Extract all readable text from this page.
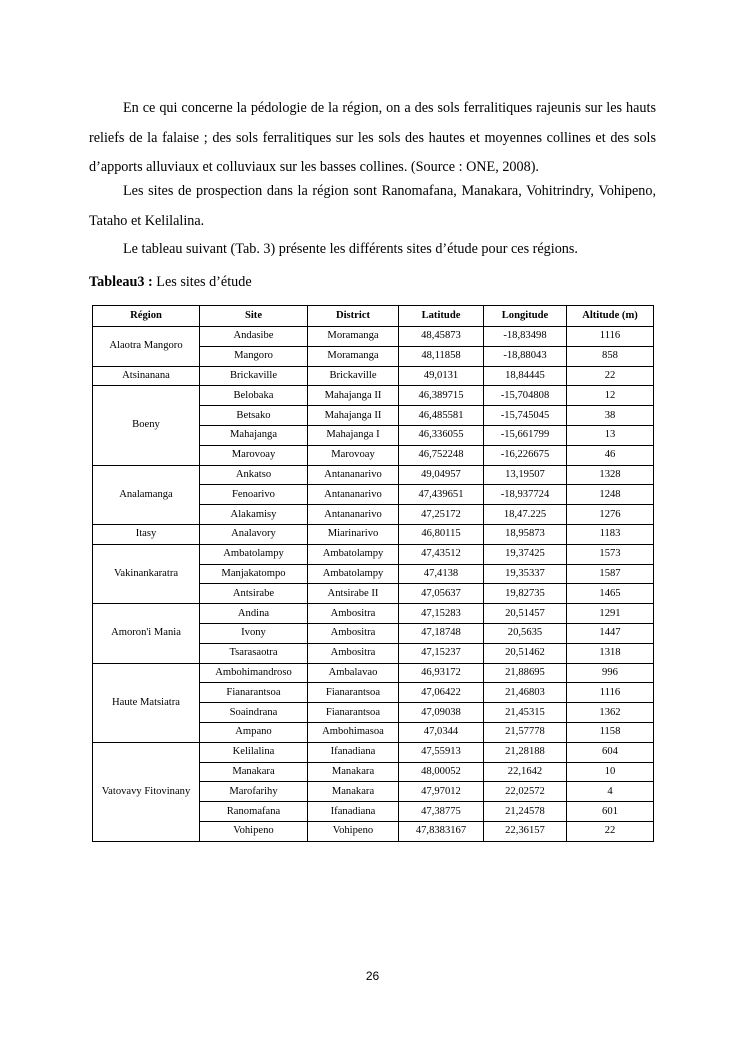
En ce qui concerne la pédologie de la région, on a des sols ferralitiques rajeunis sur les hauts reliefs de la falaise ; des sols ferralitiques sur les sols des hautes et moyennes collines et des sols d’apports alluviaux et colluviaux sur les basses collines. (Source : ONE, 2008).

Les sites de prospection dans la région sont Ranomafana, Manakara, Vohitrindry, Vohipeno, Tataho et Kelilalina.

Le tableau suivant (Tab. 3) présente les différents sites d’étude pour ces régions.

Tableau3 : Les sites d’étude
Région	Site	District	Latitude	Longitude	Altitude (m)
Alaotra Mangoro	Andasibe	Moramanga	48,45873	-18,83498	1116
	Mangoro	Moramanga	48,11858	-18,88043	858
Atsinanana	Brickaville	Brickaville	49,0131	18,84445	22
Boeny	Belobaka	Mahajanga II	46,389715	-15,704808	12
	Betsako	Mahajanga II	46,485581	-15,745045	38
	Mahajanga	Mahajanga I	46,336055	-15,661799	13
	Marovoay	Marovoay	46,752248	-16,226675	46
Analamanga	Ankatso	Antananarivo	49,04957	13,19507	1328
	Fenoarivo	Antananarivo	47,439651	-18,937724	1248
	Alakamisy	Antananarivo	47,25172	18,47.225	1276
Itasy	Analavory	Miarinarivo	46,80115	18,95873	1183
Vakinankaratra	Ambatolampy	Ambatolampy	47,43512	19,37425	1573
	Manjakatompo	Ambatolampy	47,4138	19,35337	1587
	Antsirabe	Antsirabe II	47,05637	19,82735	1465
Amoron'i Mania	Andina	Ambositra	47,15283	20,51457	1291
	Ivony	Ambositra	47,18748	20,5635	1447
	Tsarasaotra	Ambositra	47,15237	20,51462	1318
Haute Matsiatra	Ambohimandroso	Ambalavao	46,93172	21,88695	996
	Fianarantsoa	Fianarantsoa	47,06422	21,46803	1116
	Soaindrana	Fianarantsoa	47,09038	21,45315	1362
	Ampano	Ambohimasoa	47,0344	21,57778	1158
Vatovavy Fitovinany	Kelilalina	Ifanadiana	47,55913	21,28188	604
	Manakara	Manakara	48,00052	22,1642	10
	Marofarihy	Manakara	47,97012	22,02572	4
	Ranomafana	Ifanadiana	47,38775	21,24578	601
	Vohipeno	Vohipeno	47,8383167	22,36157	22
26
